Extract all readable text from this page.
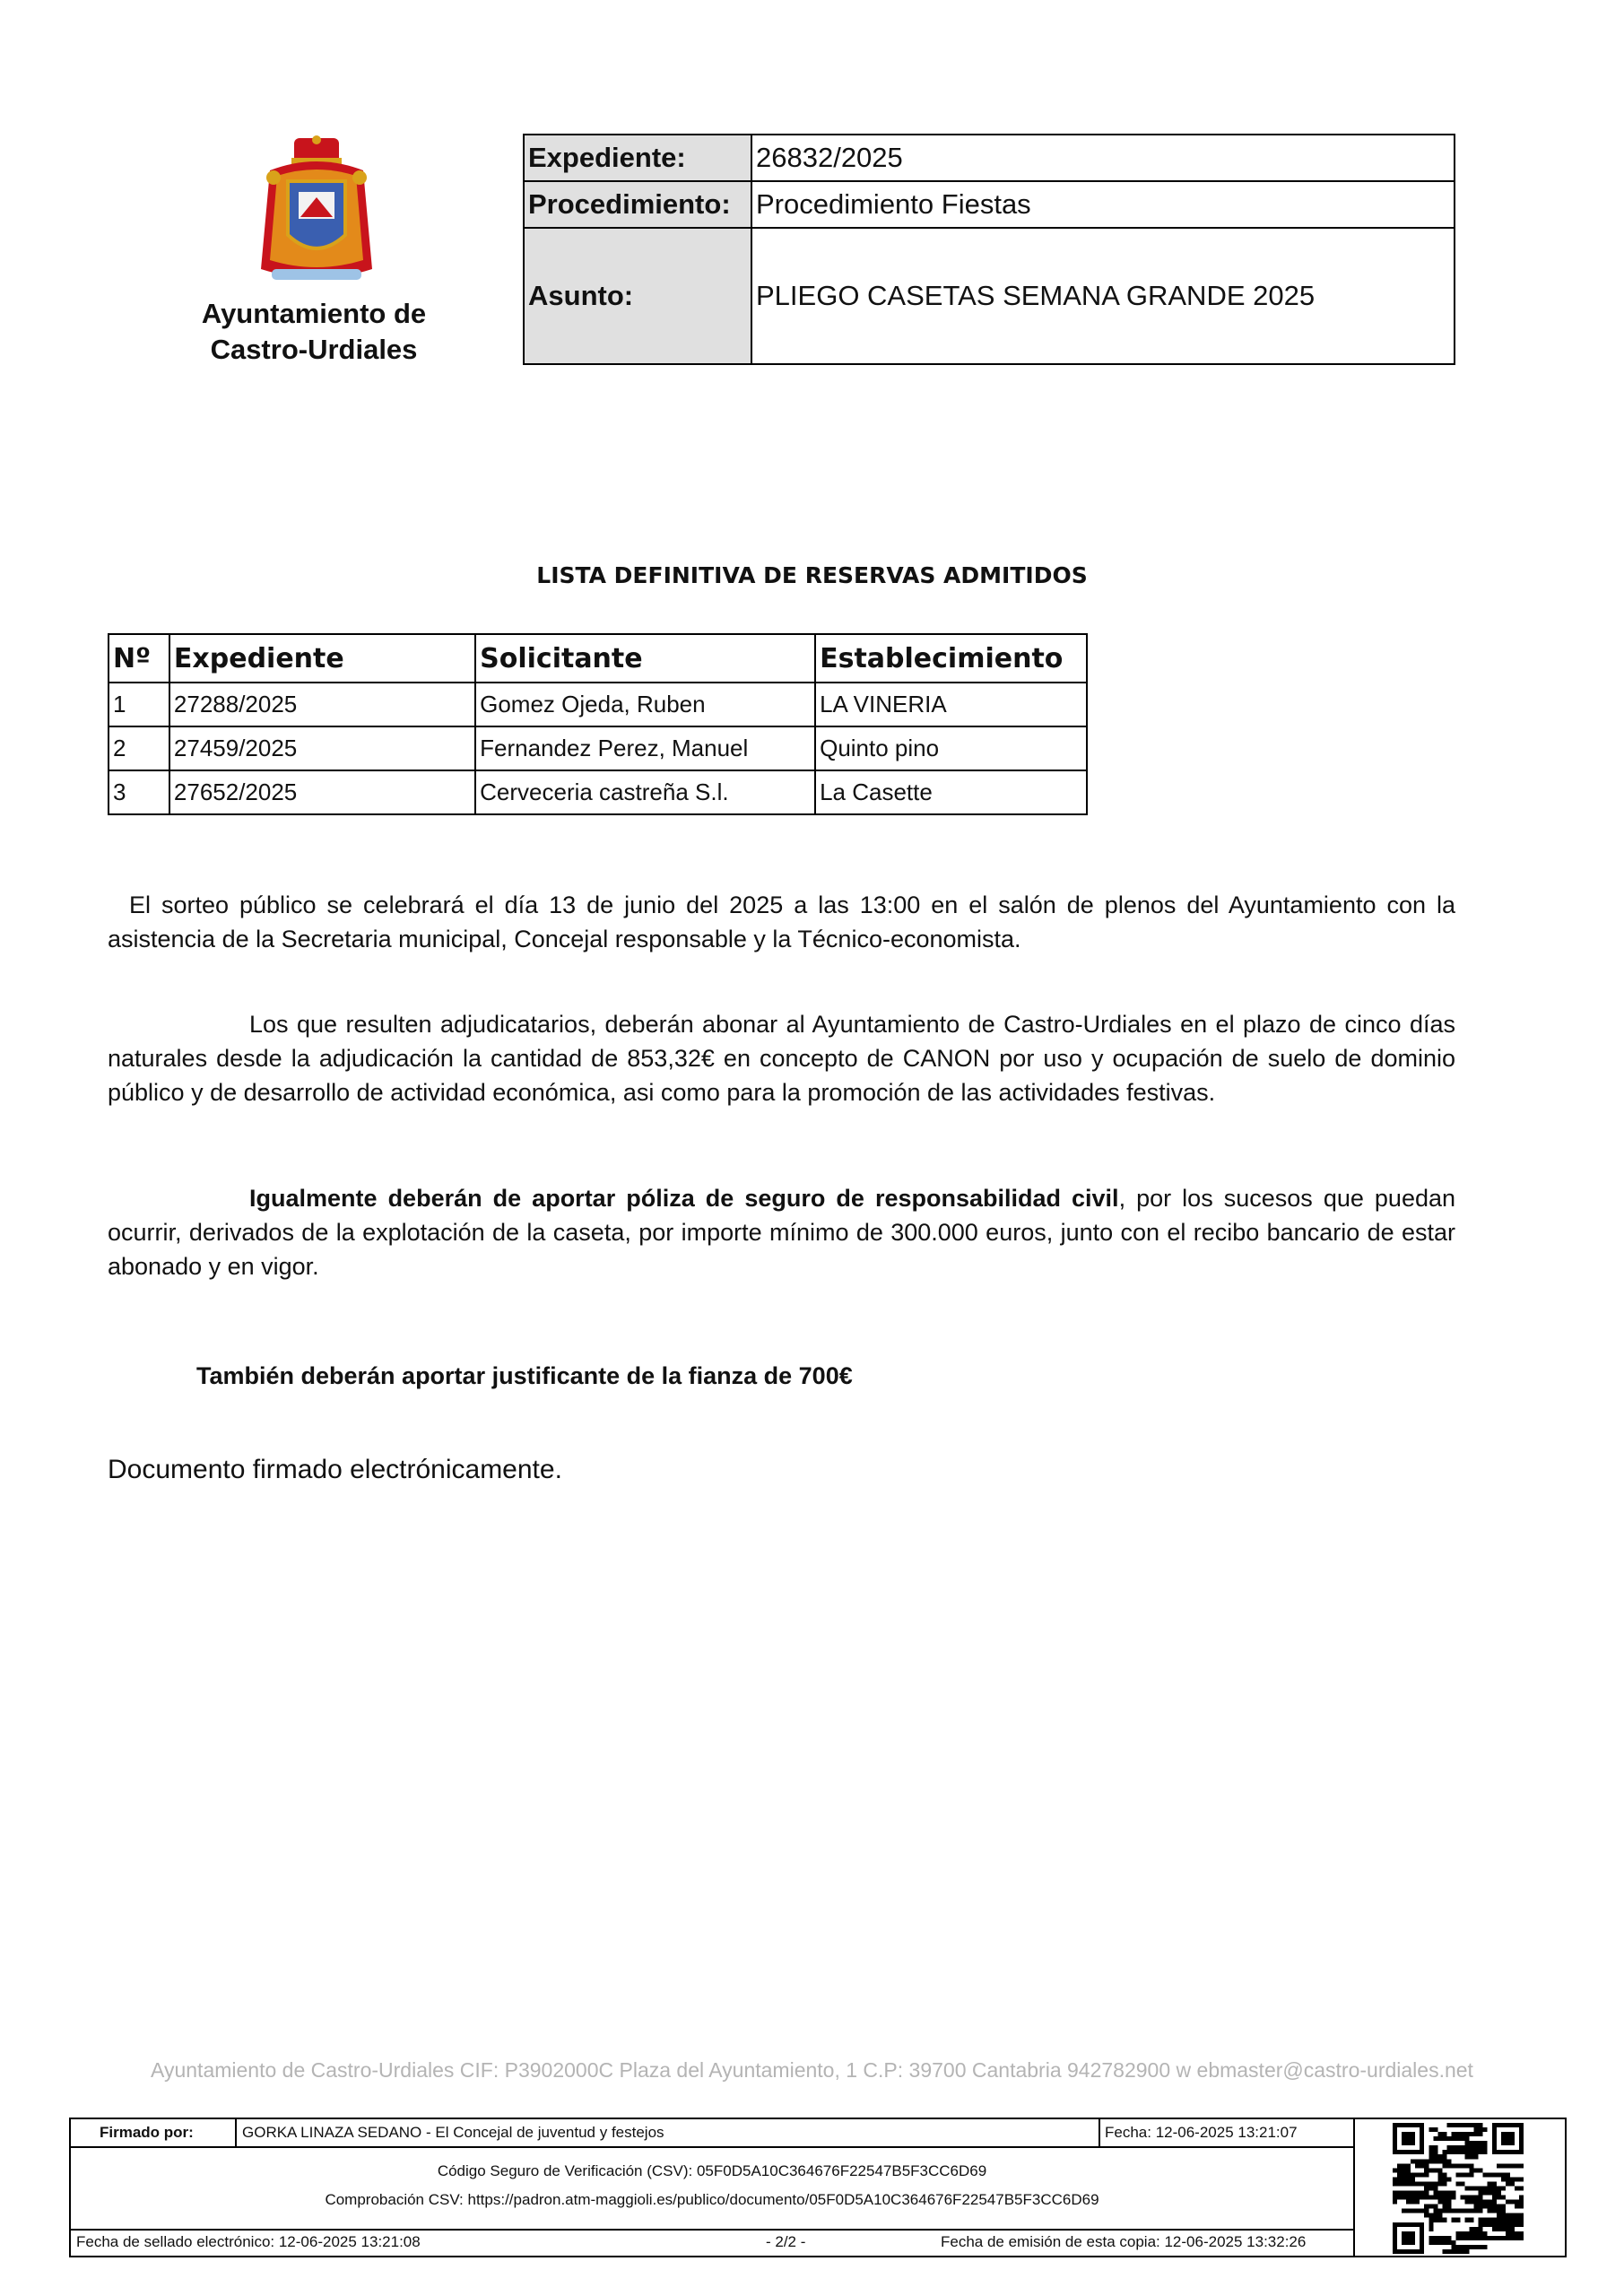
Ayuntamiento de
Castro-Urdiales
Expediente:	26832/2025
Procedimiento:	Procedimiento Fiestas
Asunto:	PLIEGO CASETAS SEMANA GRANDE 2025
LISTA DEFINITIVA DE RESERVAS ADMITIDOS
Nº	Expediente	Solicitante	Establecimiento
1	27288/2025	Gomez Ojeda, Ruben	LA VINERIA
2	27459/2025	Fernandez Perez, Manuel	Quinto pino
3	27652/2025	Cerveceria castreña S.l.	La Casette
El sorteo público se celebrará el día 13 de junio del 2025 a las 13:00 en el salón de plenos del Ayuntamiento con la asistencia de la Secretaria municipal, Concejal responsable y la Técnico-economista.
Los que resulten adjudicatarios, deberán abonar al Ayuntamiento de Castro-Urdiales en el plazo de cinco días naturales desde la adjudicación la cantidad de 853,32€ en concepto de CANON por uso y ocupación de suelo de dominio público y de desarrollo de actividad económica, asi como para la promoción de las actividades festivas.
Igualmente deberán de aportar póliza de seguro de responsabilidad civil, por los sucesos que puedan ocurrir, derivados de la explotación de la caseta, por importe mínimo de 300.000 euros, junto con el recibo bancario de estar abonado y en vigor.
También deberán aportar justificante de la fianza de 700€
Documento firmado electrónicamente.
Ayuntamiento de Castro-Urdiales CIF: P3902000C Plaza del Ayuntamiento, 1 C.P: 39700 Cantabria 942782900 w ebmaster@castro-urdiales.net
Firmado por:	GORKA LINAZA SEDANO - El Concejal de juventud y festejos	Fecha: 12-06-2025 13:21:07
Código Seguro de Verificación (CSV): 05F0D5A10C364676F22547B5F3CC6D69
Comprobación CSV: https://padron.atm-maggioli.es/publico/documento/05F0D5A10C364676F22547B5F3CC6D69
Fecha de sellado electrónico: 12-06-2025 13:21:08	- 2/2 -	Fecha de emisión de esta copia: 12-06-2025 13:32:26
